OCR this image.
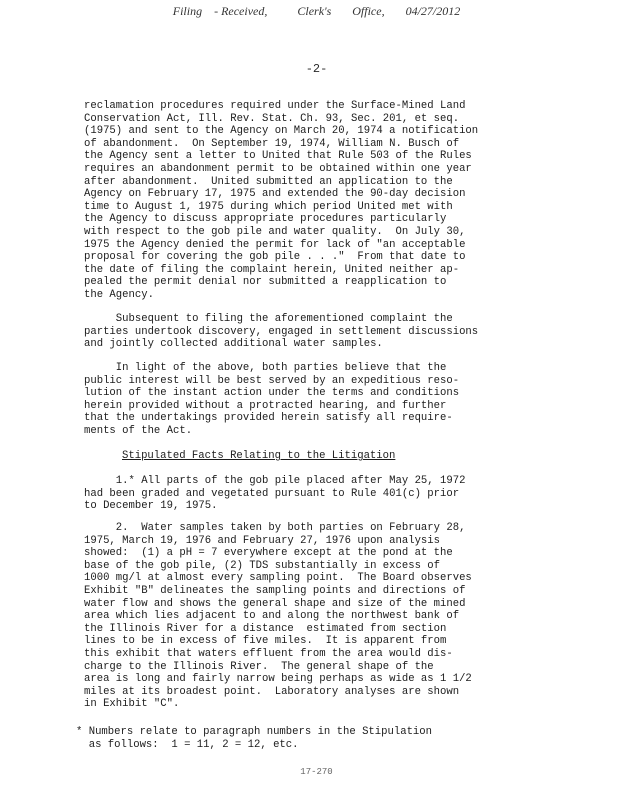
Filing    - Received,          Clerk's       Office,       04/27/2012
-2-
reclamation procedures required under the Surface-Mined Land
Conservation Act, Ill. Rev. Stat. Ch. 93, Sec. 201, et seq.
(1975) and sent to the Agency on March 20, 1974 a notification
of abandonment.  On September 19, 1974, William N. Busch of
the Agency sent a letter to United that Rule 503 of the Rules
requires an abandonment permit to be obtained within one year
after abandonment.  United submitted an application to the
Agency on February 17, 1975 and extended the 90-day decision
time to August 1, 1975 during which period United met with
the Agency to discuss appropriate procedures particularly
with respect to the gob pile and water quality.  On July 30,
1975 the Agency denied the permit for lack of "an acceptable
proposal for covering the gob pile . . ."  From that date to
the date of filing the complaint herein, United neither ap-
pealed the permit denial nor submitted a reapplication to
the Agency.
Subsequent to filing the aforementioned complaint the
parties undertook discovery, engaged in settlement discussions
and jointly collected additional water samples.
In light of the above, both parties believe that the
public interest will be best served by an expeditious reso-
lution of the instant action under the terms and conditions
herein provided without a protracted hearing, and further
that the undertakings provided herein satisfy all require-
ments of the Act.
Stipulated Facts Relating to the Litigation
1.* All parts of the gob pile placed after May 25, 1972
had been graded and vegetated pursuant to Rule 401(c) prior
to December 19, 1975.
2.  Water samples taken by both parties on February 28,
1975, March 19, 1976 and February 27, 1976 upon analysis
showed:  (1) a pH = 7 everywhere except at the pond at the
base of the gob pile, (2) TDS substantially in excess of
1000 mg/l at almost every sampling point.  The Board observes
Exhibit "B" delineates the sampling points and directions of
water flow and shows the general shape and size of the mined
area which lies adjacent to and along the northwest bank of
the Illinois River for a distance  estimated from section
lines to be in excess of five miles.  It is apparent from
this exhibit that waters effluent from the area would dis-
charge to the Illinois River.  The general shape of the
area is long and fairly narrow being perhaps as wide as 1 1/2
miles at its broadest point.  Laboratory analyses are shown
in Exhibit "C".
* Numbers relate to paragraph numbers in the Stipulation
as follows:  1 = 11, 2 = 12, etc.
17-270
